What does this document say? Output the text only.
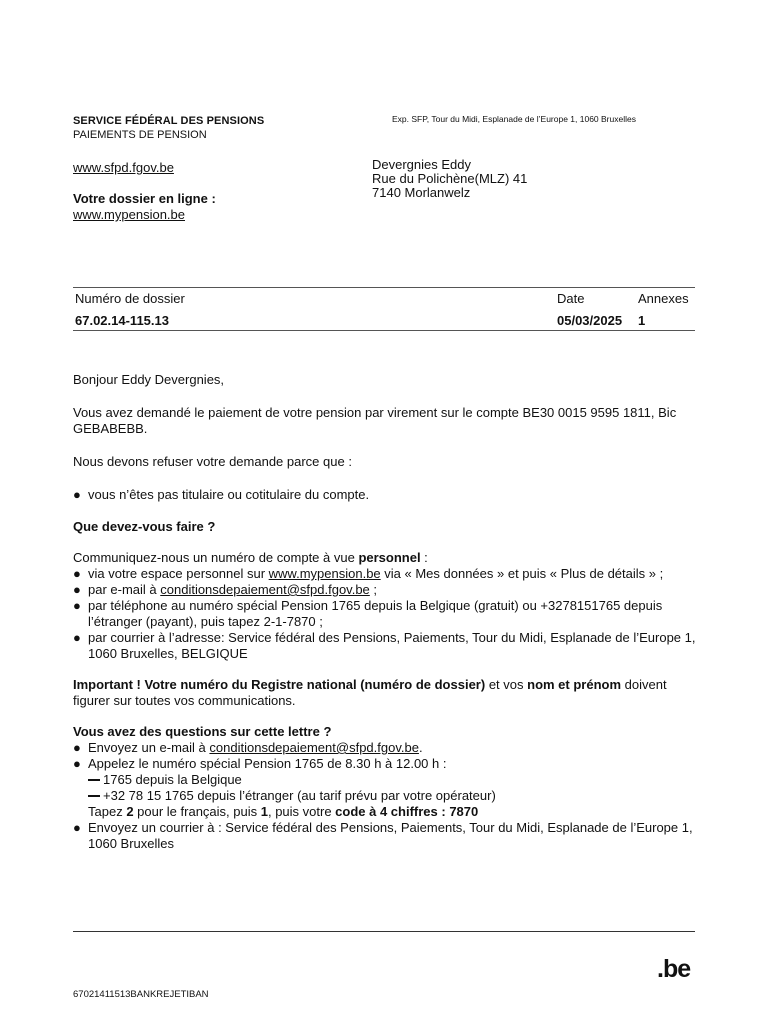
SERVICE FÉDÉRAL DES PENSIONS
PAIEMENTS DE PENSION
Exp. SFP, Tour du Midi, Esplanade de l’Europe 1, 1060 Bruxelles
www.sfpd.fgov.be
Votre dossier en ligne :
www.mypension.be
Devergnies Eddy
Rue du Polichène(MLZ) 41
7140 Morlanwelz
Numéro de dossier	Date	Annexes
67.02.14-115.13	05/03/2025 1

Bonjour Eddy Devergnies,

Vous avez demandé le paiement de votre pension par virement sur le compte BE30 0015 9595 1811, Bic GEBABEBB.

Nous devons refuser votre demande parce que :

● vous n’êtes pas titulaire ou cotitulaire du compte.

Que devez-vous faire ?

Communiquez-nous un numéro de compte à vue personnel :

● via votre espace personnel sur www.mypension.be via « Mes données » et puis « Plus de détails » ;
● par e-mail à conditionsdepaiement@sfpd.fgov.be ;
● par téléphone au numéro spécial Pension 1765 depuis la Belgique (gratuit) ou +3278151765 depuis l’étranger (payant), puis tapez 2-1-7870 ;
● par courrier à l’adresse: Service fédéral des Pensions, Paiements, Tour du Midi, Esplanade de l’Europe 1, 1060 Bruxelles, BELGIQUE

Important ! Votre numéro du Registre national (numéro de dossier) et vos nom et prénom doivent figurer sur toutes vos communications.

Vous avez des questions sur cette lettre ?

● Envoyez un e-mail à conditionsdepaiement@sfpd.fgov.be.
● Appelez le numéro spécial Pension 1765 de 8.30 h à 12.00 h :
1765 depuis la Belgique
+32 78 15 1765 depuis l’étranger (au tarif prévu par votre opérateur)
Tapez 2 pour le français, puis 1, puis votre code à 4 chiffres : 7870
● Envoyez un courrier à : Service fédéral des Pensions, Paiements, Tour du Midi, Esplanade de l’Europe 1, 1060 Bruxelles
.be
67021411513BANKREJETIBAN
